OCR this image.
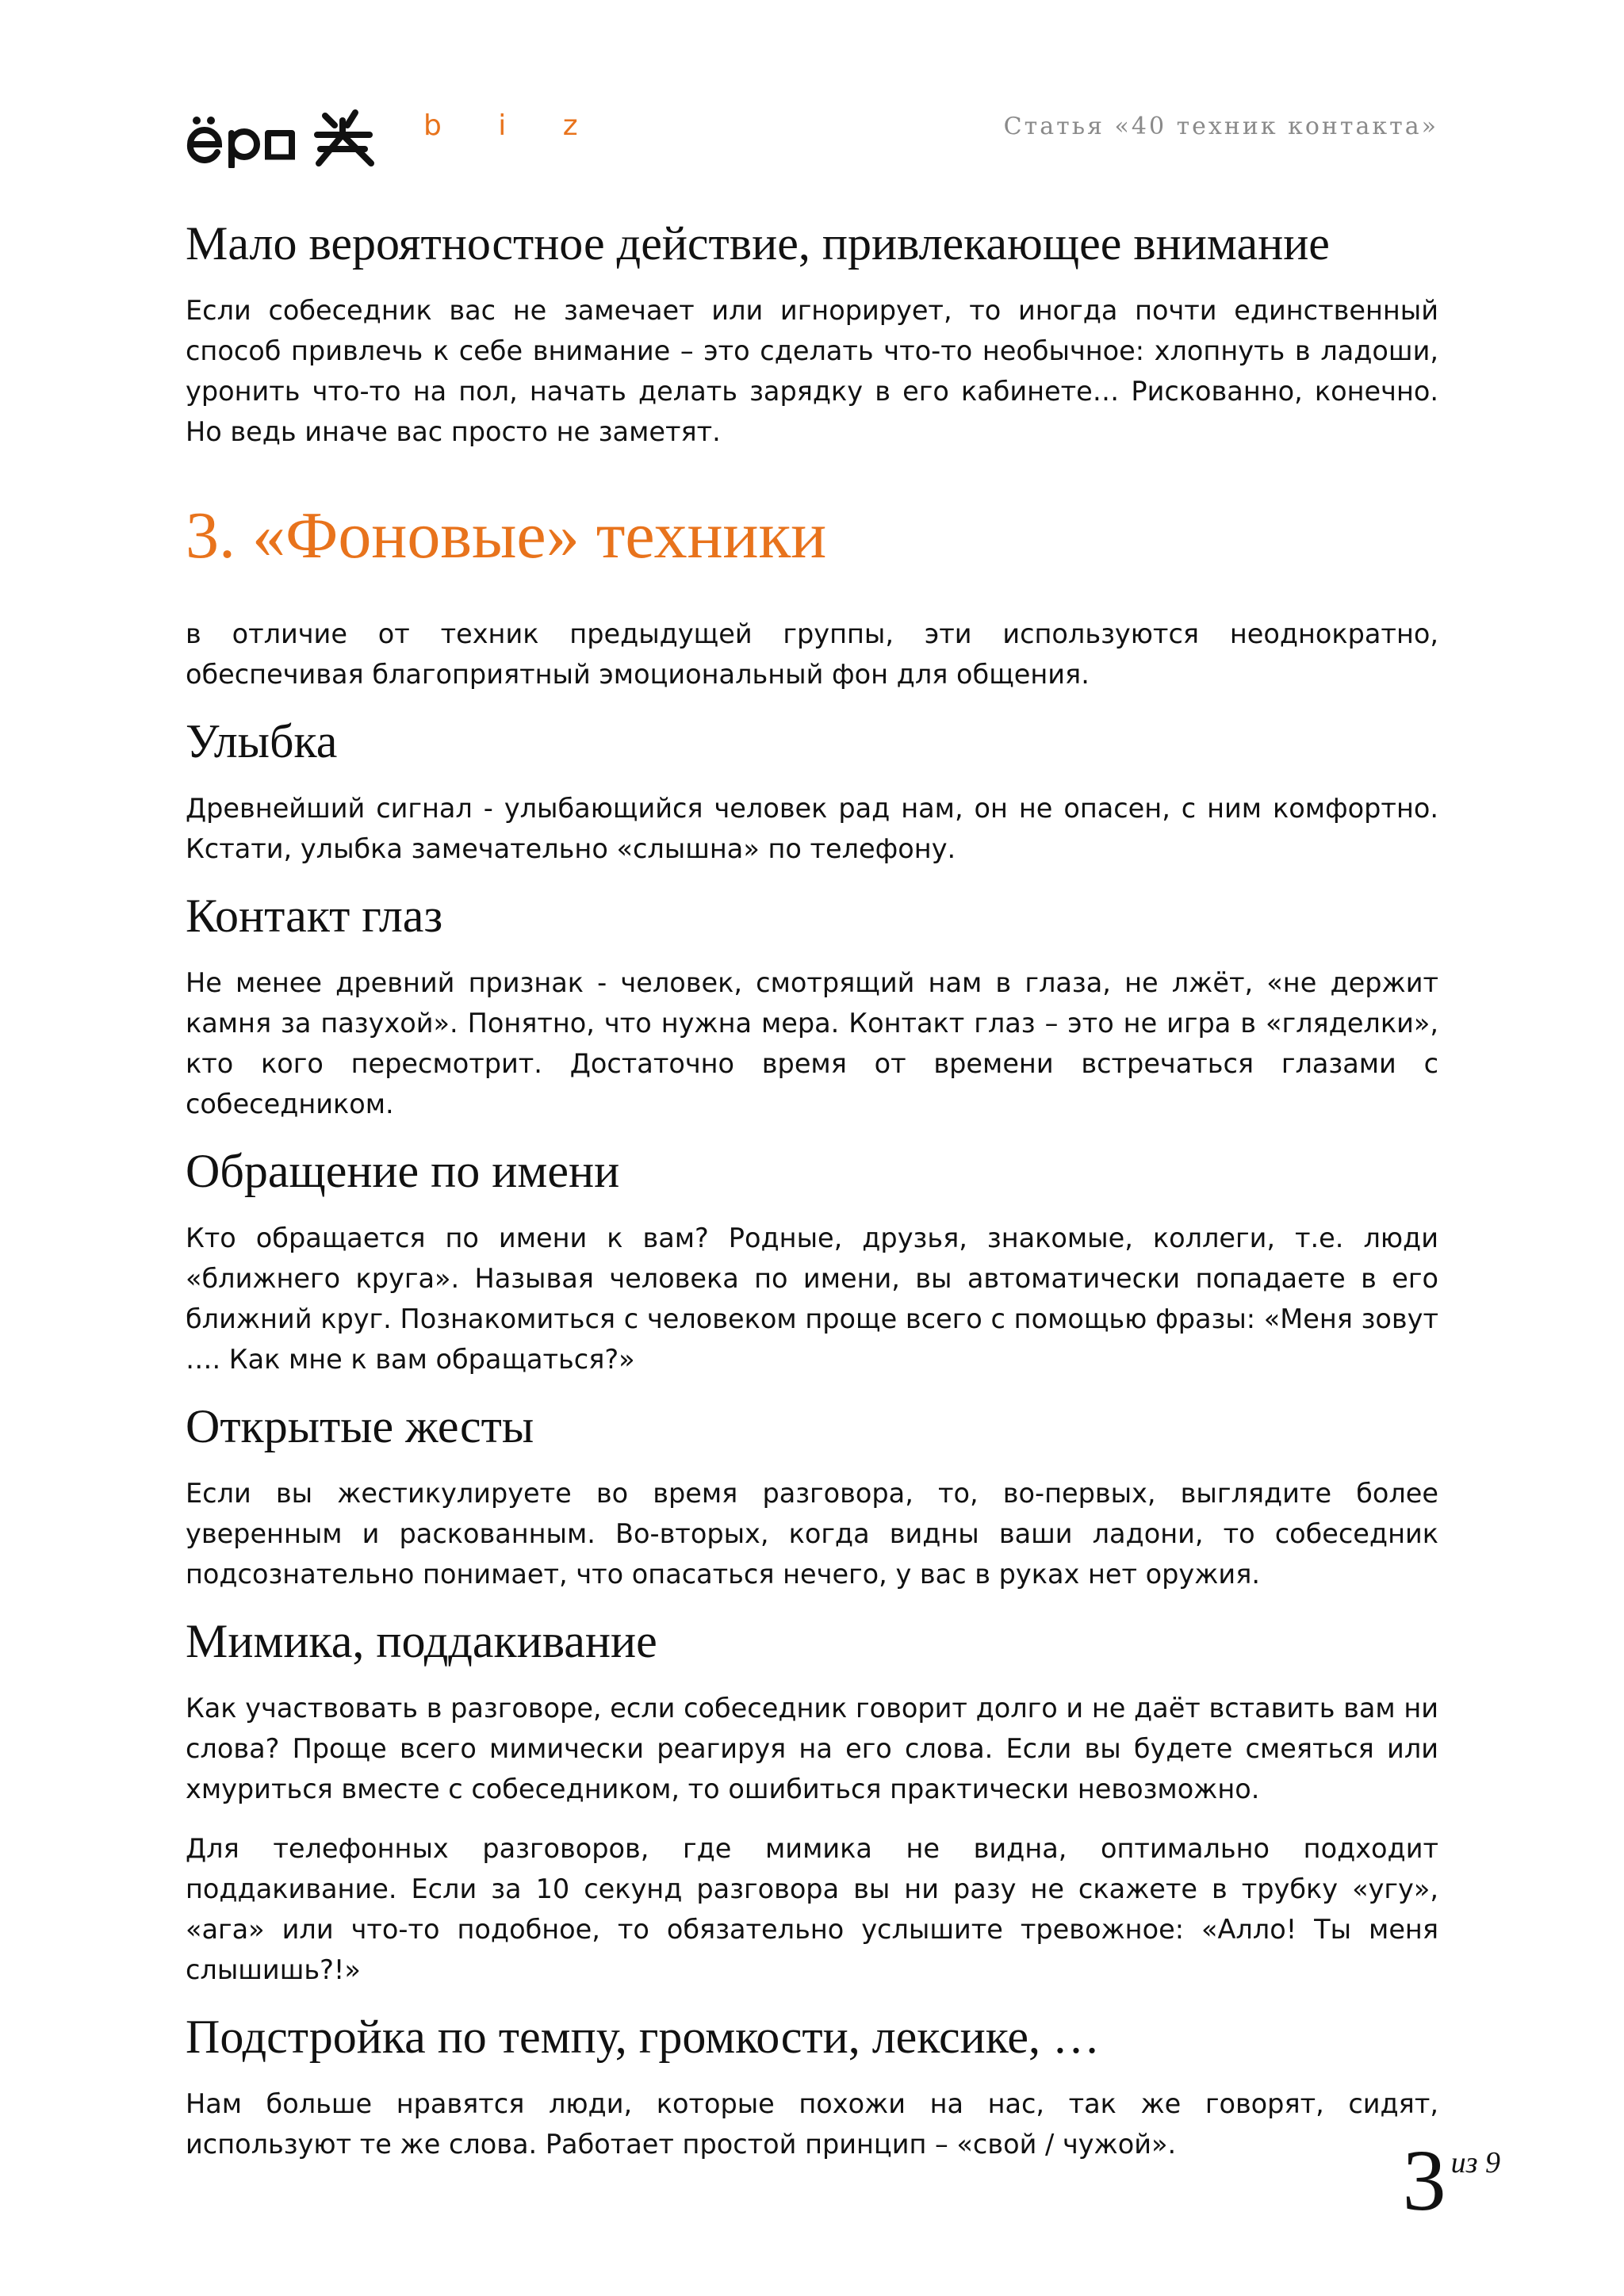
b i z	Статья «40 техник контакта»
Мало вероятностное действие, привлекающее внимание

Если собеседник вас не замечает или игнорирует, то иногда почти единственный способ привлечь к себе внимание – это сделать что-то необычное: хлопнуть в ладоши, уронить что-то на пол, начать делать зарядку в его кабинете… Рискованно, конечно. Но ведь иначе вас просто не заметят.

3. «Фоновые» техники

в отличие от техник предыдущей группы, эти используются неоднократно, обеспечивая благоприятный эмоциональный фон для общения.

Улыбка

Древнейший сигнал - улыбающийся человек рад нам, он не опасен, с ним комфортно. Кстати, улыбка замечательно «слышна» по телефону.

Контакт глаз

Не менее древний признак - человек, смотрящий нам в глаза, не лжёт, «не держит камня за пазухой». Понятно, что нужна мера. Контакт глаз – это не игра в «гляделки», кто кого пересмотрит. Достаточно время от времени встречаться глазами с собеседником.

Обращение по имени

Кто обращается по имени к вам? Родные, друзья, знакомые, коллеги, т.е. люди «ближнего круга». Называя человека по имени, вы автоматически попадаете в его ближний круг. Познакомиться с человеком проще всего с помощью фразы: «Меня зовут …. Как мне к вам обращаться?»

Открытые жесты

Если вы жестикулируете во время разговора, то, во-первых, выглядите более уверенным и раскованным. Во-вторых, когда видны ваши ладони, то собеседник подсознательно понимает, что опасаться нечего, у вас в руках нет оружия.

Мимика, поддакивание

Как участвовать в разговоре, если собеседник говорит долго и не даёт вставить вам ни слова? Проще всего мимически реагируя на его слова. Если вы будете смеяться или хмуриться вместе с собеседником, то ошибиться практически невозможно.

Для телефонных разговоров, где мимика не видна, оптимально подходит поддакивание. Если за 10 секунд разговора вы ни разу не скажете в трубку «угу», «ага» или что-то подобное, то обязательно услышите тревожное: «Алло! Ты меня слышишь?!»

Подстройка по темпу, громкости, лексике, …

Нам больше нравятся люди, которые похожи на нас, так же говорят, сидят, используют те же слова. Работает простой принцип – «свой / чужой».	3 из 9
